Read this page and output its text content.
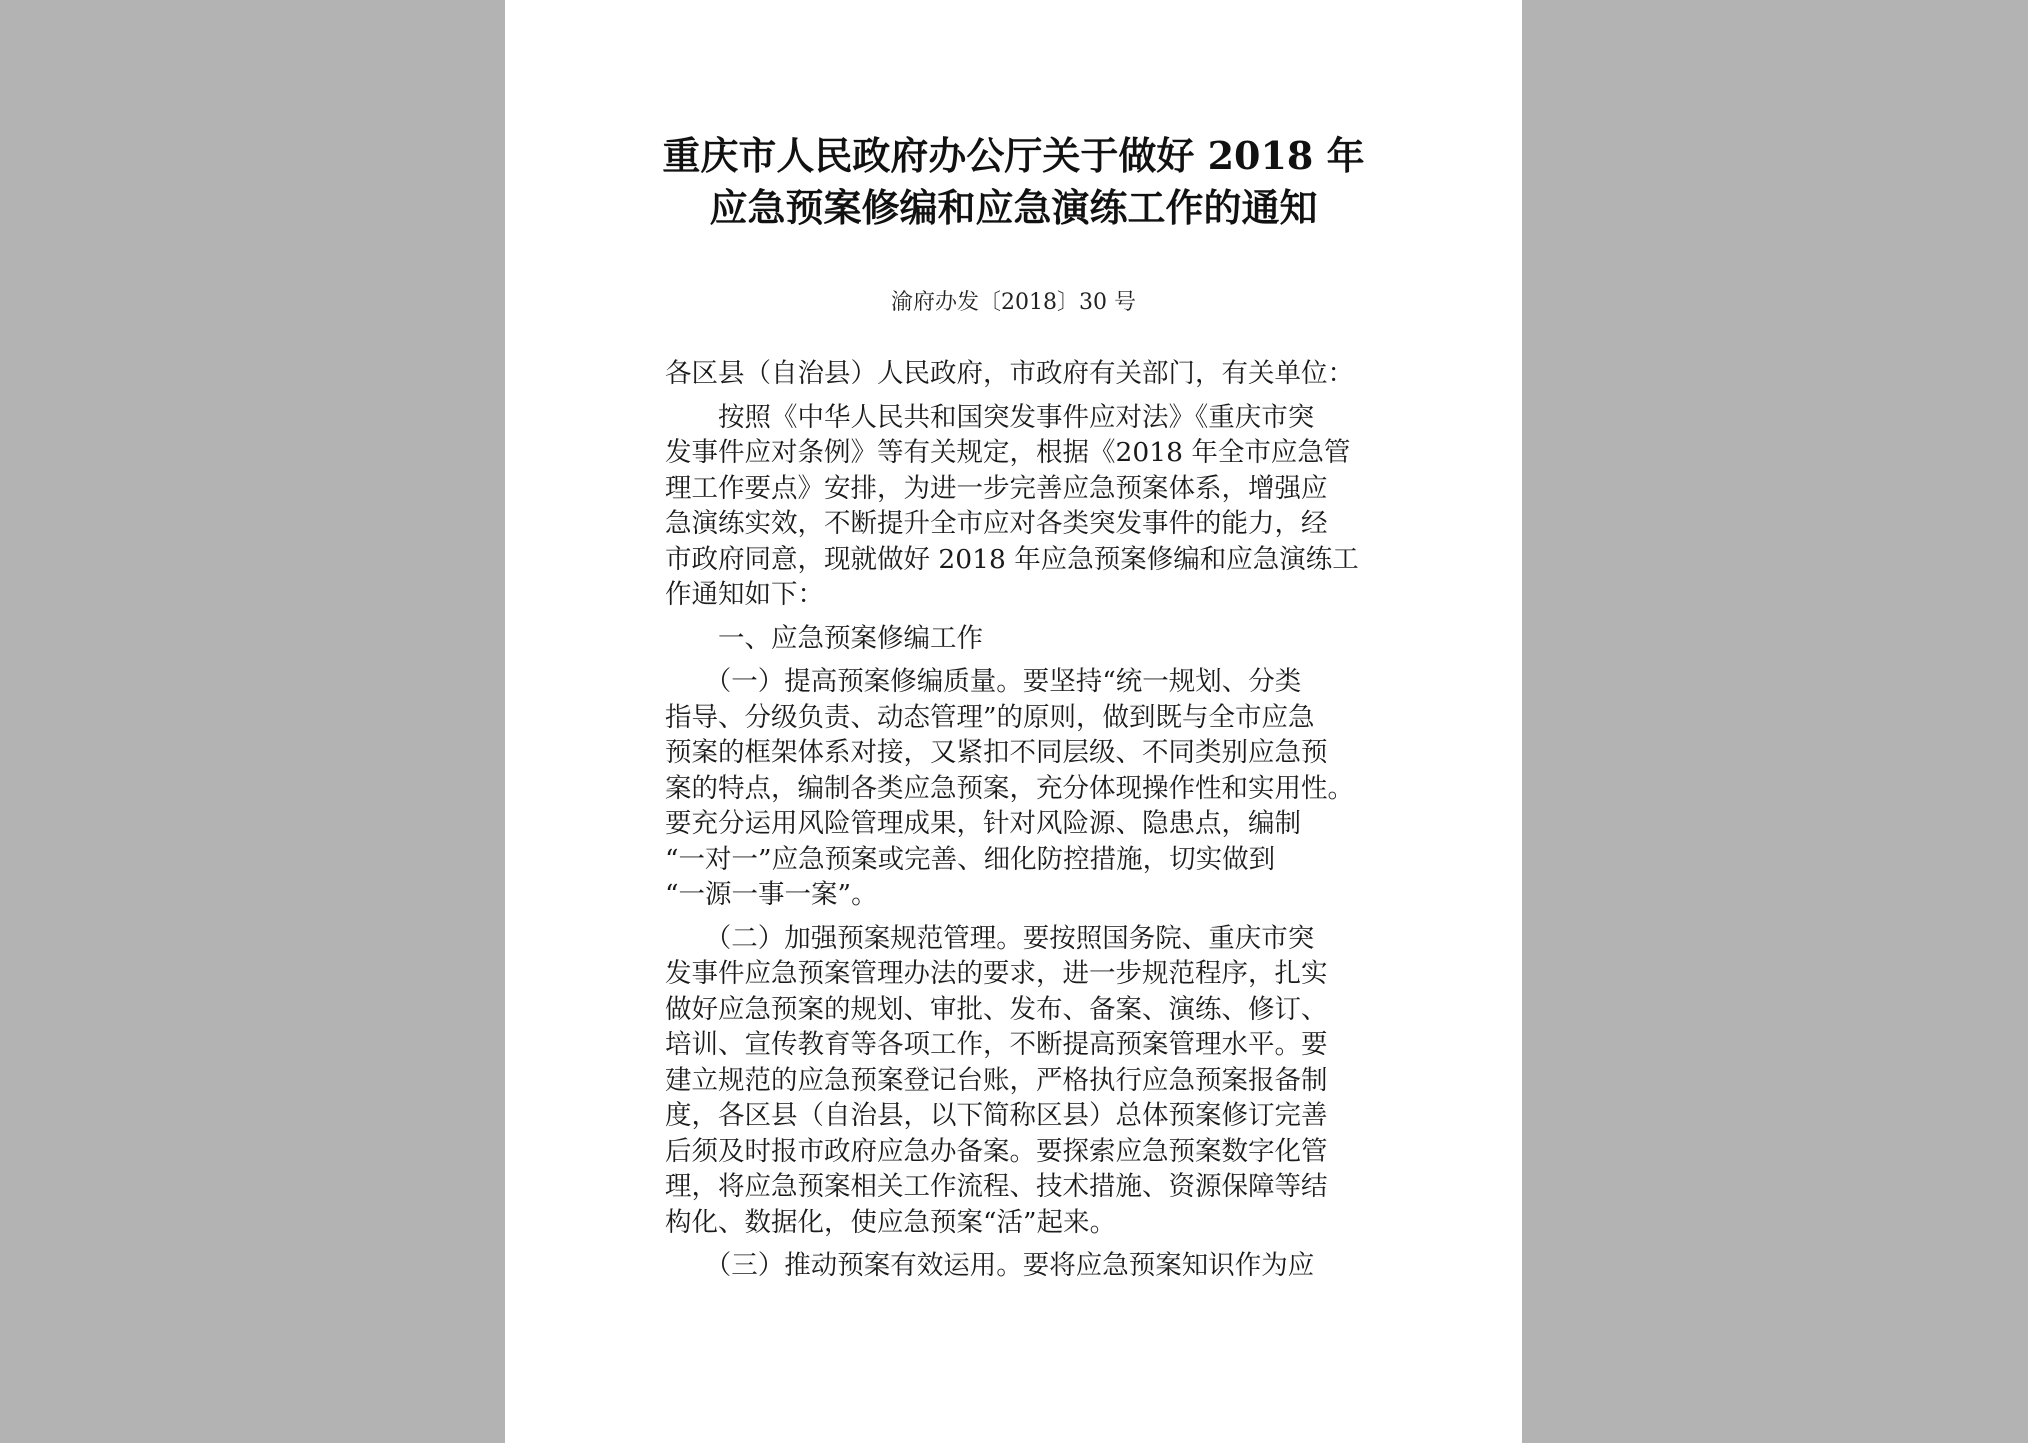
重庆市人民政府办公厅关于做好 2018 年
应急预案修编和应急演练工作的通知
渝府办发〔2018〕30 号
各区县（自治县）人民政府，市政府有关部门，有关单位：
　　按照《中华人民共和国突发事件应对法》《重庆市突
发事件应对条例》等有关规定，根据《2018 年全市应急管
理工作要点》安排，为进一步完善应急预案体系，增强应
急演练实效，不断提升全市应对各类突发事件的能力，经
市政府同意，现就做好 2018 年应急预案修编和应急演练工
作通知如下：
　　一、应急预案修编工作
　　（一）提高预案修编质量。要坚持“统一规划、分类
指导、分级负责、动态管理”的原则，做到既与全市应急
预案的框架体系对接，又紧扣不同层级、不同类别应急预
案的特点，编制各类应急预案，充分体现操作性和实用性。
要充分运用风险管理成果，针对风险源、隐患点，编制
“一对一”应急预案或完善、细化防控措施，切实做到
“一源一事一案”。
　　（二）加强预案规范管理。要按照国务院、重庆市突
发事件应急预案管理办法的要求，进一步规范程序，扎实
做好应急预案的规划、审批、发布、备案、演练、修订、
培训、宣传教育等各项工作，不断提高预案管理水平。要
建立规范的应急预案登记台账，严格执行应急预案报备制
度，各区县（自治县，以下简称区县）总体预案修订完善
后须及时报市政府应急办备案。要探索应急预案数字化管
理，将应急预案相关工作流程、技术措施、资源保障等结
构化、数据化，使应急预案“活”起来。
　　（三）推动预案有效运用。要将应急预案知识作为应
